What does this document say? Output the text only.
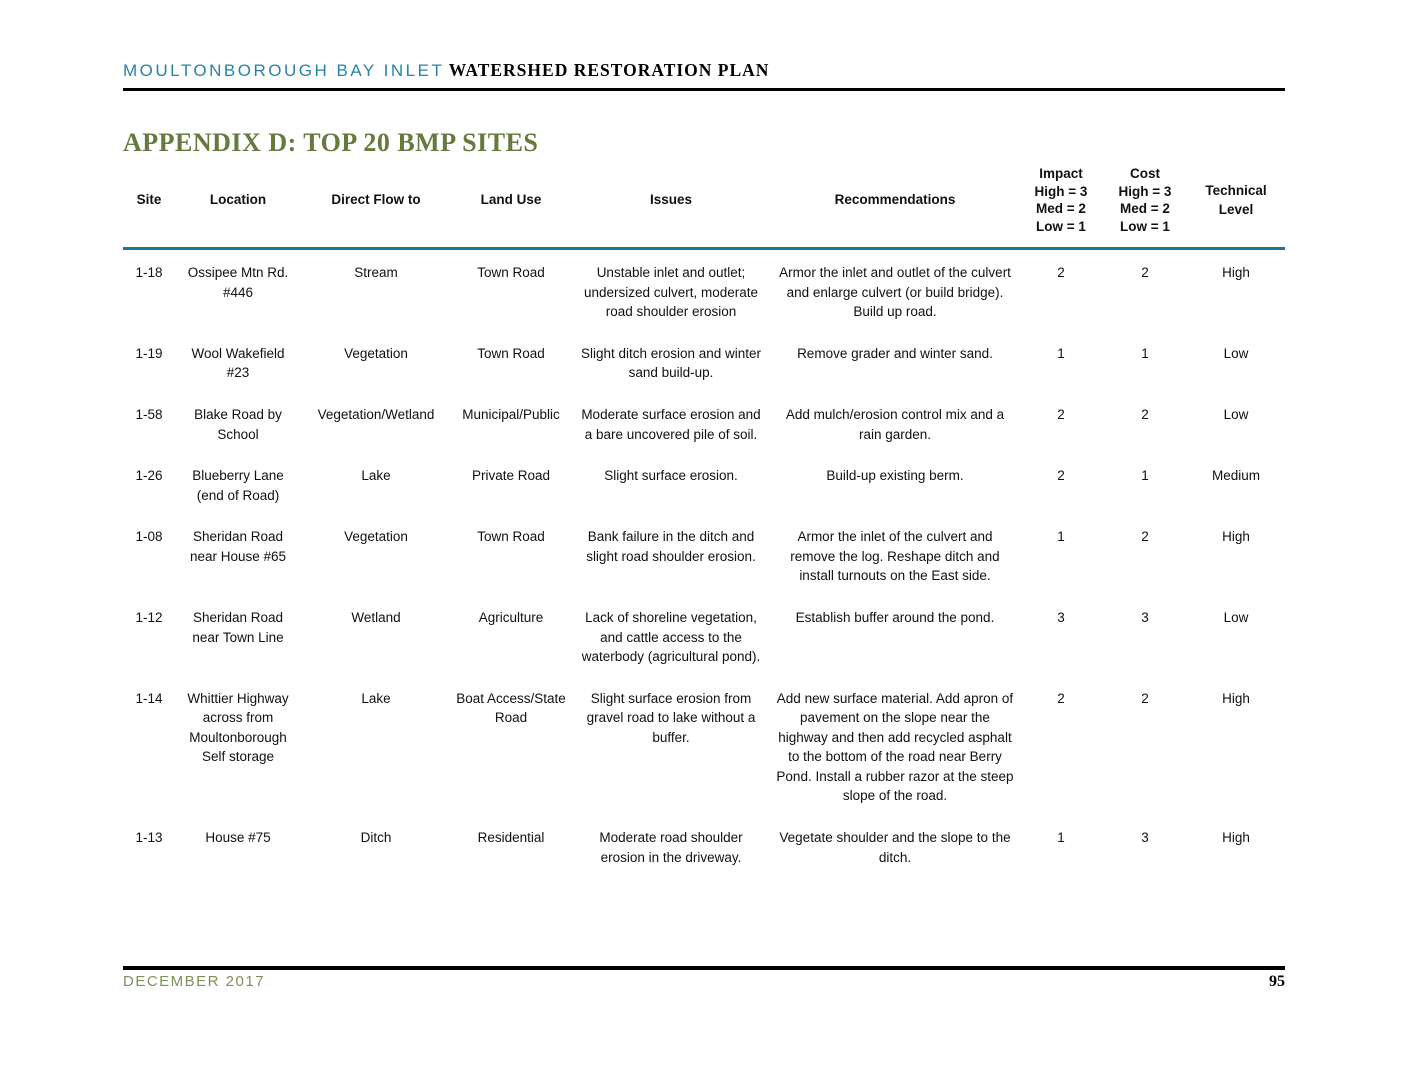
MOULTONBOROUGH BAY INLET WATERSHED RESTORATION PLAN
APPENDIX D: TOP 20 BMP SITES
Site	Location	Direct Flow to	Land Use	Issues	Recommendations	Impact
High = 3
Med = 2
Low = 1	Cost
High = 3
Med = 2
Low = 1	Technical Level
1-18	Ossipee Mtn Rd. #446	Stream	Town Road	Unstable inlet and outlet; undersized culvert, moderate road shoulder erosion	Armor the inlet and outlet of the culvert and enlarge culvert (or build bridge). Build up road.	2	2	High
1-19	Wool Wakefield #23	Vegetation	Town Road	Slight ditch erosion and winter sand build-up.	Remove grader and winter sand.	1	1	Low
1-58	Blake Road by School	Vegetation/Wetland	Municipal/Public	Moderate surface erosion and a bare uncovered pile of soil.	Add mulch/erosion control mix and a rain garden.	2	2	Low
1-26	Blueberry Lane (end of Road)	Lake	Private Road	Slight surface erosion.	Build-up existing berm.	2	1	Medium
1-08	Sheridan Road near House #65	Vegetation	Town Road	Bank failure in the ditch and slight road shoulder erosion.	Armor the inlet of the culvert and remove the log. Reshape ditch and install turnouts on the East side.	1	2	High
1-12	Sheridan Road near Town Line	Wetland	Agriculture	Lack of shoreline vegetation, and cattle access to the waterbody (agricultural pond).	Establish buffer around the pond.	3	3	Low
1-14	Whittier Highway across from Moultonborough Self storage	Lake	Boat Access/State Road	Slight surface erosion from gravel road to lake without a buffer.	Add new surface material. Add apron of pavement on the slope near the highway and then add recycled asphalt to the bottom of the road near Berry Pond. Install a rubber razor at the steep slope of the road.	2	2	High
1-13	House #75	Ditch	Residential	Moderate road shoulder erosion in the driveway.	Vegetate shoulder and the slope to the ditch.	1	3	High
DECEMBER 2017	95
